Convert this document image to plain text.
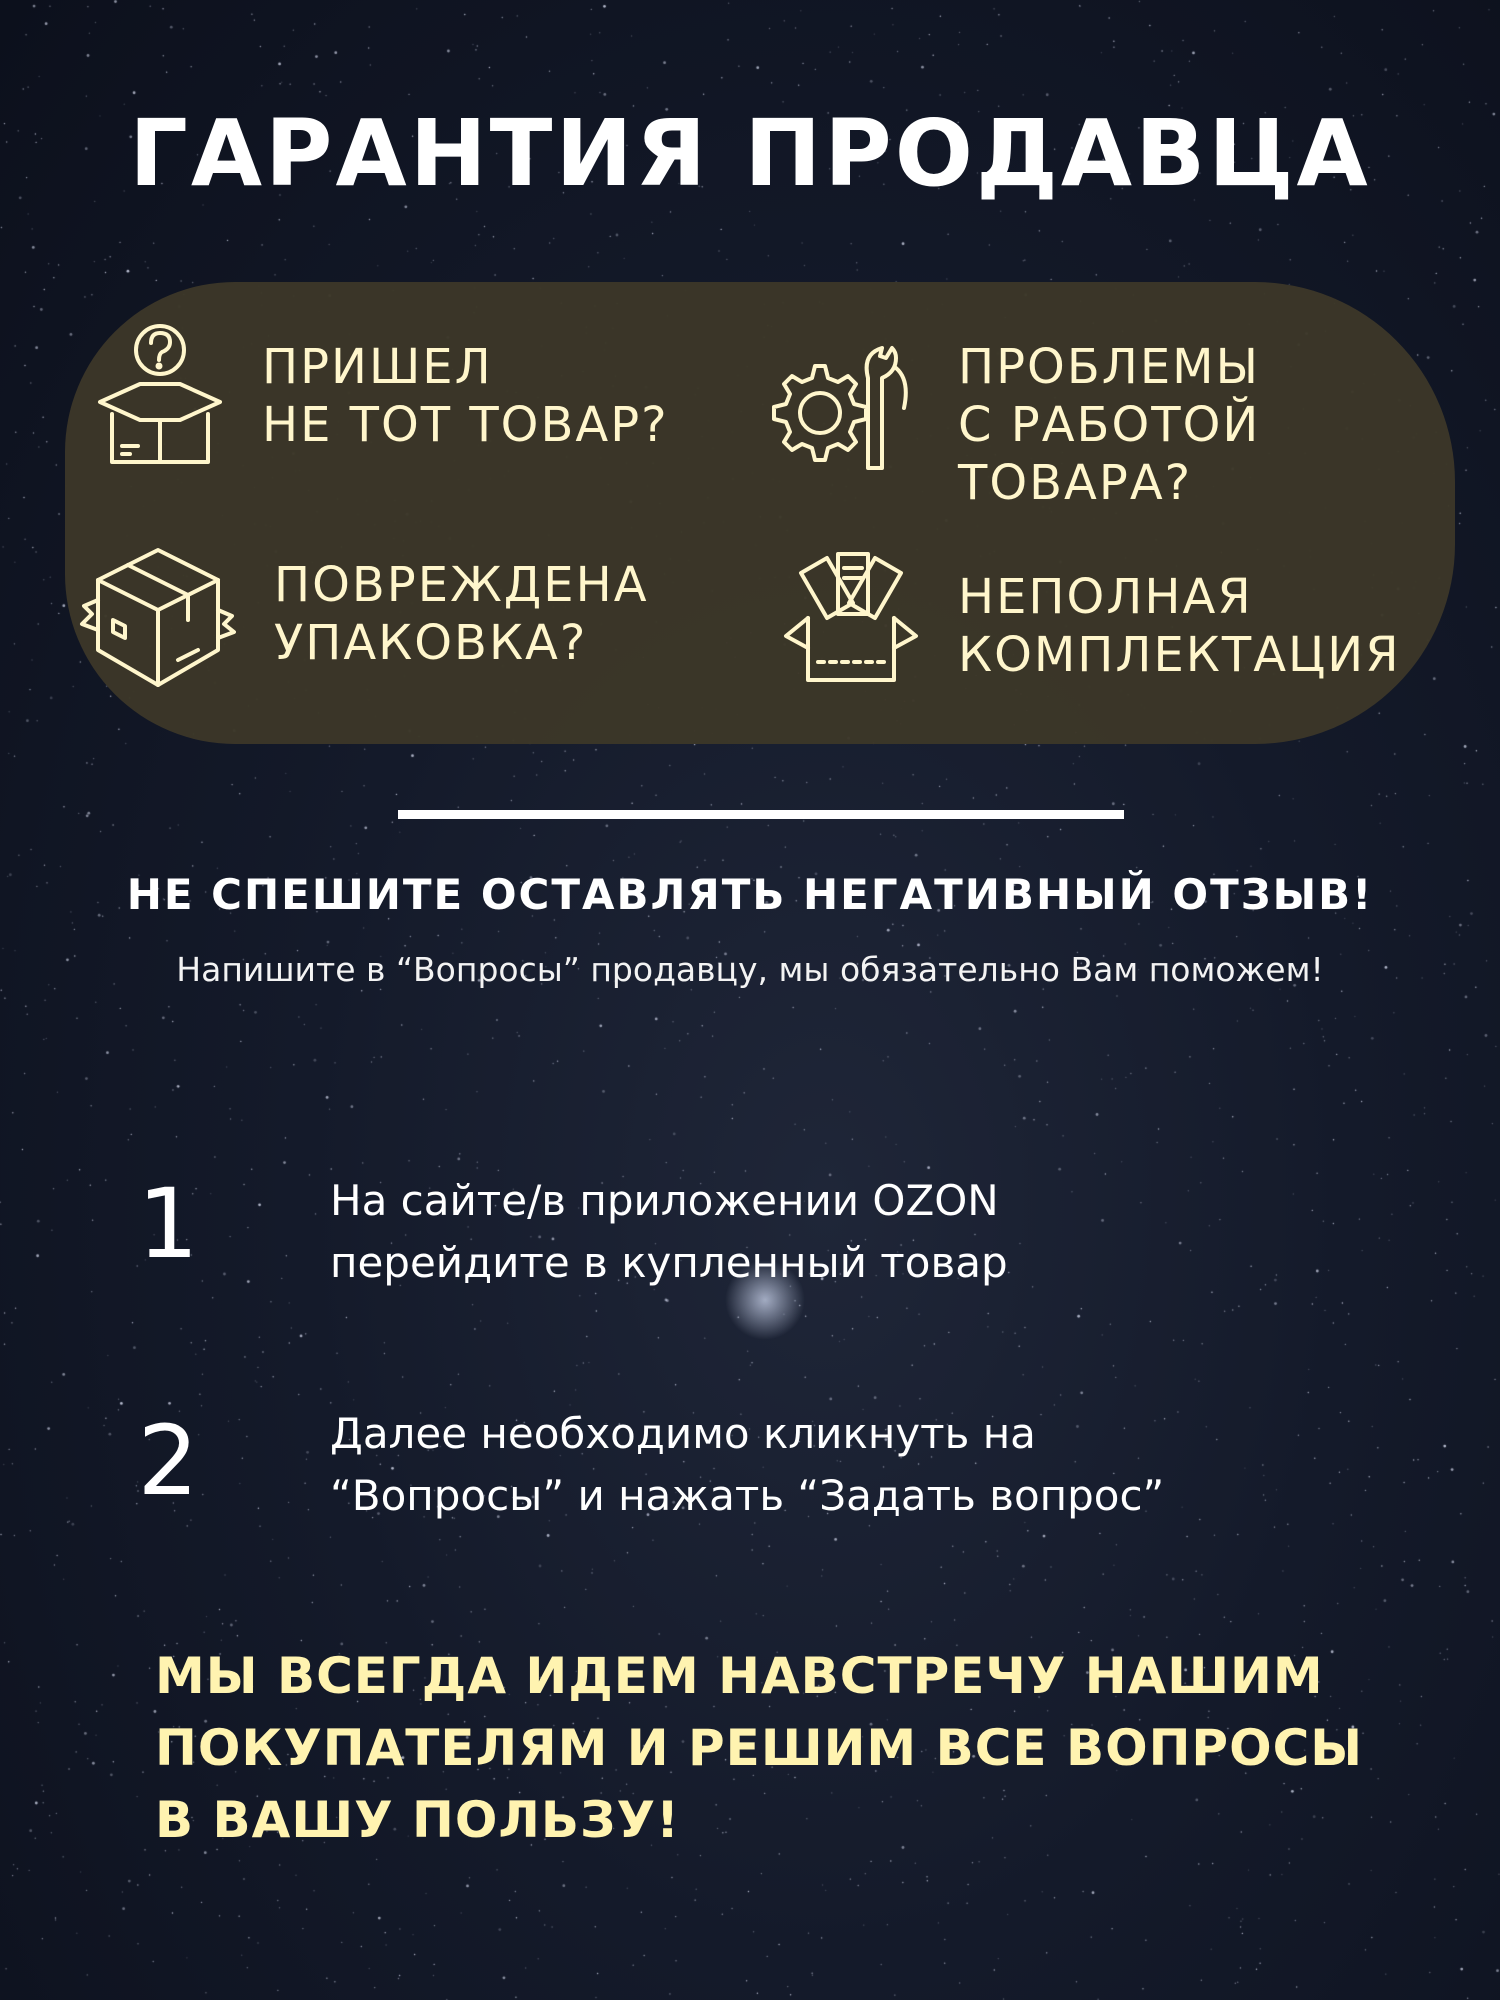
ГАРАНТИЯ ПРОДАВЦА
ПРИШЕЛ
НЕ ТОТ ТОВАР?
ПРОБЛЕМЫ
С РАБОТОЙ
ТОВАРА?
ПОВРЕЖДЕНА
УПАКОВКА?
НЕПОЛНАЯ
КОМПЛЕКТАЦИЯ
НЕ СПЕШИТЕ ОСТАВЛЯТЬ НЕГАТИВНЫЙ ОТЗЫВ!
Напишите в “Вопросы” продавцу, мы обязательно Вам поможем!
1	На сайте/в приложении OZON
перейдите в купленный товар
2	Далее необходимо кликнуть на
“Вопросы” и нажать “Задать вопрос”
МЫ ВСЕГДА ИДЕМ НАВСТРЕЧУ НАШИМ
ПОКУПАТЕЛЯМ И РЕШИМ ВСЕ ВОПРОСЫ
В ВАШУ ПОЛЬЗУ!
